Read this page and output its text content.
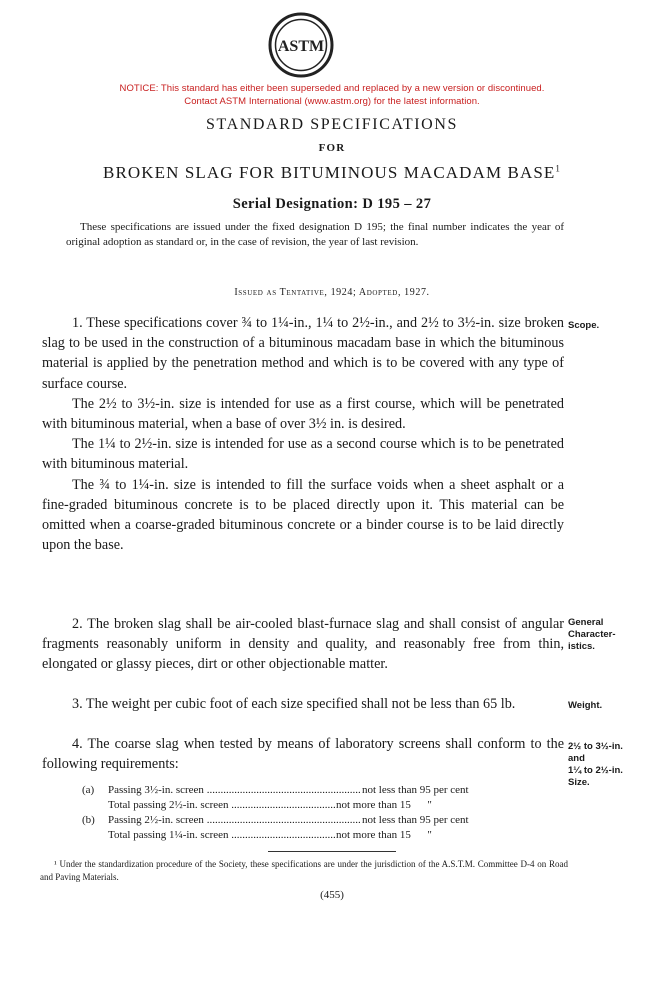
ASTM
NOTICE: This standard has either been superseded and replaced by a new version or discontinued.
Contact ASTM International (www.astm.org) for the latest information.
STANDARD SPECIFICATIONS
FOR
BROKEN SLAG FOR BITUMINOUS MACADAM BASE$^1$
Serial Designation: D 195 – 27
These specifications are issued under the fixed designation D 195; the final number indicates the year of original adoption as standard or, in the case of revision, the year of last revision.
Issued as Tentative, 1924; Adopted, 1927.

1. These specifications cover ¾ to 1¼-in., 1¼ to 2½-in., and 2½ to 3½-in. size broken slag to be used in the construction of a bituminous macadam base in which the bituminous material is applied by the penetration method and which is to be covered with any type of surface course.

The 2½ to 3½-in. size is intended for use as a first course, which will be penetrated with bituminous material, when a base of over 3½ in. is desired.

The 1¼ to 2½-in. size is intended for use as a second course which is to be penetrated with bituminous material.

The ¾ to 1¼-in. size is intended to fill the surface voids when a sheet asphalt or a fine-graded bituminous concrete is to be placed directly upon it. This material can be omitted when a coarse-graded bituminous concrete or a binder course is to be laid directly upon the base.

Scope.

2. The broken slag shall be air-cooled blast-furnace slag and shall consist of angular fragments reasonably uniform in density and quality, and reasonably free from thin, elongated or glassy pieces, dirt or other objectionable matter.

General
Character-
istics.

3. The weight per cubic foot of each size specified shall not be less than 65 lb.	Weight.

4. The coarse slag when tested by means of laboratory screens shall conform to the following requirements:

2½ to 3½-in.
and
1¼ to 2½-in.
Size.
(a)	Passing 3½-in. screen .....	not less than 95 per cent
Total passing 2½-in. screen .....	not more than 15      "
(b)	Passing 2½-in. screen .....	not less than 95 per cent
Total passing 1¼-in. screen .....	not more than 15      "
¹ Under the standardization procedure of the Society, these specifications are under the jurisdiction of the A.S.T.M. Committee D-4 on Road and Paving Materials.
(455)
